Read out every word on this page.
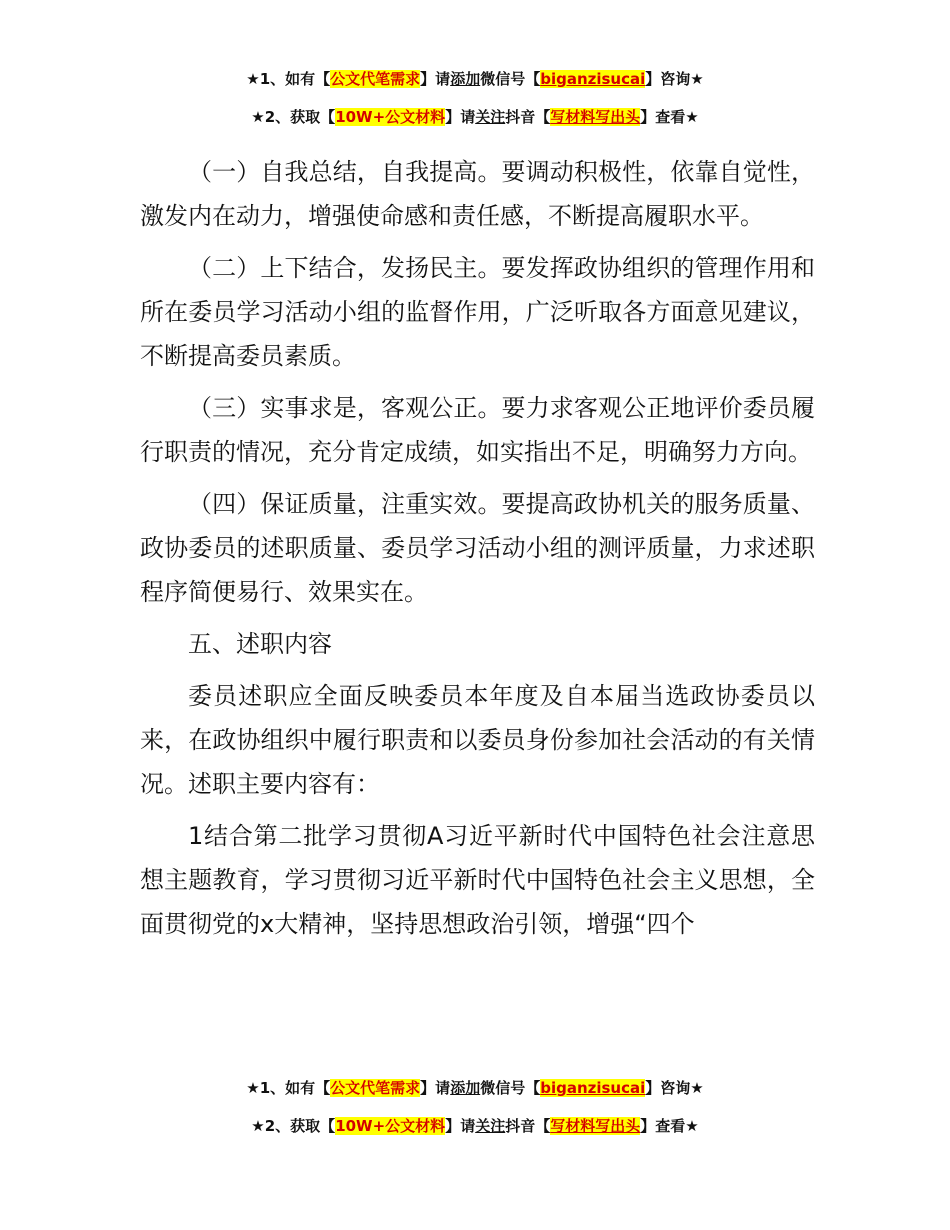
★1、如有【公文代笔需求】请添加微信号【biganzisucai】咨询★
★2、获取【10W+公文材料】请关注抖音【写材料写出头】查看★

（一）自我总结，自我提高。要调动积极性，依靠自觉性，激发内在动力，增强使命感和责任感，不断提高履职水平。

（二）上下结合，发扬民主。要发挥政协组织的管理作用和所在委员学习活动小组的监督作用，广泛听取各方面意见建议，不断提高委员素质。

（三）实事求是，客观公正。要力求客观公正地评价委员履行职责的情况，充分肯定成绩，如实指出不足，明确努力方向。

（四）保证质量，注重实效。要提高政协机关的服务质量、政协委员的述职质量、委员学习活动小组的测评质量，力求述职程序简便易行、效果实在。

五、述职内容

委员述职应全面反映委员本年度及自本届当选政协委员以来，在政协组织中履行职责和以委员身份参加社会活动的有关情况。述职主要内容有：

1结合第二批学习贯彻A习近平新时代中国特色社会注意思想主题教育，学习贯彻习近平新时代中国特色社会主义思想，全面贯彻党的x大精神，坚持思想政治引领，增强“四个

★1、如有【公文代笔需求】请添加微信号【biganzisucai】咨询★
★2、获取【10W+公文材料】请关注抖音【写材料写出头】查看★
